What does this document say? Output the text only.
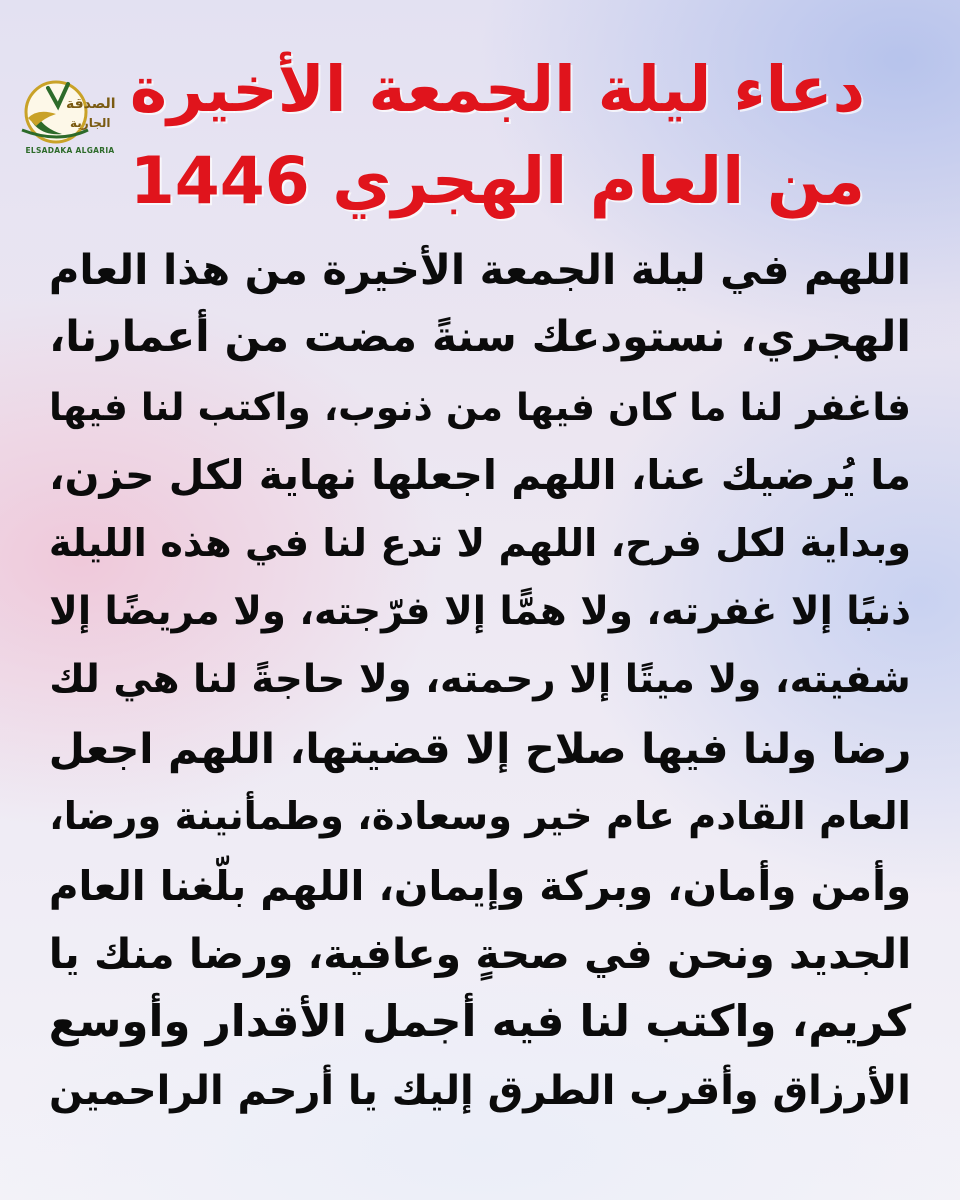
الصدقة
الجارية
ELSADAKA ALGARIA
دعاء ليلة الجمعة الأخيرة
من العام الهجري 1446
اللهم في ليلة الجمعة الأخيرة من هذا العام
الهجري، نستودعك سنةً مضت من أعمارنا،
فاغفر لنا ما كان فيها من ذنوب، واكتب لنا فيها
ما يُرضيك عنا، اللهم اجعلها نهاية لكل حزن،
وبداية لكل فرح، اللهم لا تدع لنا في هذه الليلة
ذنبًا إلا غفرته، ولا همًّا إلا فرّجته، ولا مريضًا إلا
شفيته، ولا ميتًا إلا رحمته، ولا حاجةً لنا هي لك
رضا ولنا فيها صلاح إلا قضيتها، اللهم اجعل
العام القادم عام خير وسعادة، وطمأنينة ورضا،
وأمن وأمان، وبركة وإيمان، اللهم بلّغنا العام
الجديد ونحن في صحةٍ وعافية، ورضا منك يا
كريم، واكتب لنا فيه أجمل الأقدار وأوسع
الأرزاق وأقرب الطرق إليك يا أرحم الراحمين
